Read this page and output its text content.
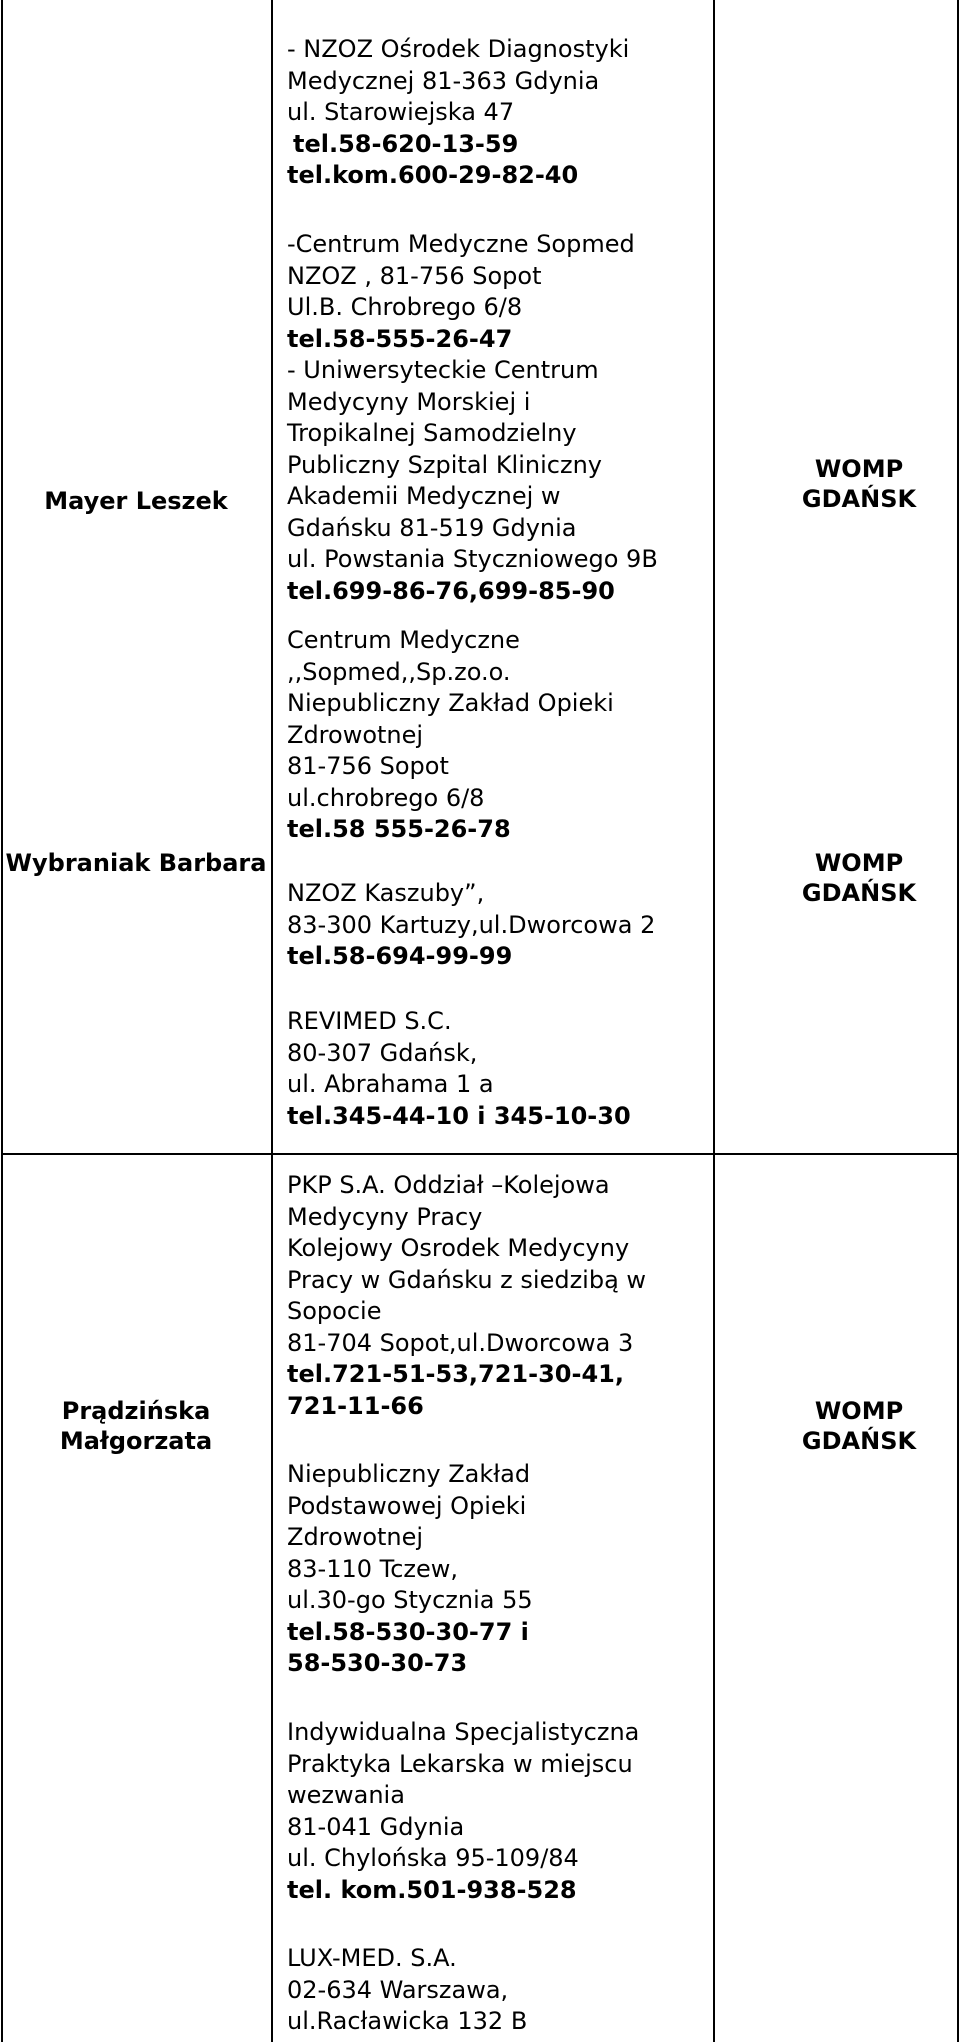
Mayer Leszek
WOMP
GDAŃSK
- NZOZ Ośrodek Diagnostyki
Medycznej 81-363 Gdynia
ul. Starowiejska 47
tel.58-620-13-59
tel.kom.600-29-82-40
-Centrum Medyczne Sopmed
NZOZ , 81-756 Sopot
Ul.B. Chrobrego 6/8
tel.58-555-26-47
- Uniwersyteckie Centrum
Medycyny Morskiej i
Tropikalnej Samodzielny
Publiczny Szpital Kliniczny
Akademii Medycznej w
Gdańsku 81-519 Gdynia
ul. Powstania Styczniowego 9B
tel.699-86-76,699-85-90
Wybraniak Barbara	WOMP
GDAŃSK
Centrum Medyczne
,,Sopmed,,Sp.zo.o.
Niepubliczny Zakład Opieki
Zdrowotnej
81-756 Sopot
ul.chrobrego 6/8
tel.58 555-26-78
NZOZ Kaszuby”,
83-300 Kartuzy,ul.Dworcowa 2
tel.58-694-99-99
REVIMED S.C.
80-307 Gdańsk,
ul. Abrahama 1 a
tel.345-44-10 i 345-10-30
Prądzińska Małgorzata
WOMP
GDAŃSK
PKP S.A. Oddział –Kolejowa
Medycyny Pracy
Kolejowy Osrodek Medycyny
Pracy w Gdańsku z siedzibą w
Sopocie
81-704 Sopot,ul.Dworcowa 3
tel.721-51-53,721-30-41,
721-11-66
Niepubliczny Zakład
Podstawowej Opieki
Zdrowotnej
83-110 Tczew,
ul.30-go Stycznia 55
tel.58-530-30-77 i
58-530-30-73
Indywidualna Specjalistyczna
Praktyka Lekarska w miejscu
wezwania
81-041 Gdynia
ul. Chylońska 95-109/84
tel. kom.501-938-528
LUX-MED. S.A.
02-634 Warszawa,
ul.Racławicka 132 B
